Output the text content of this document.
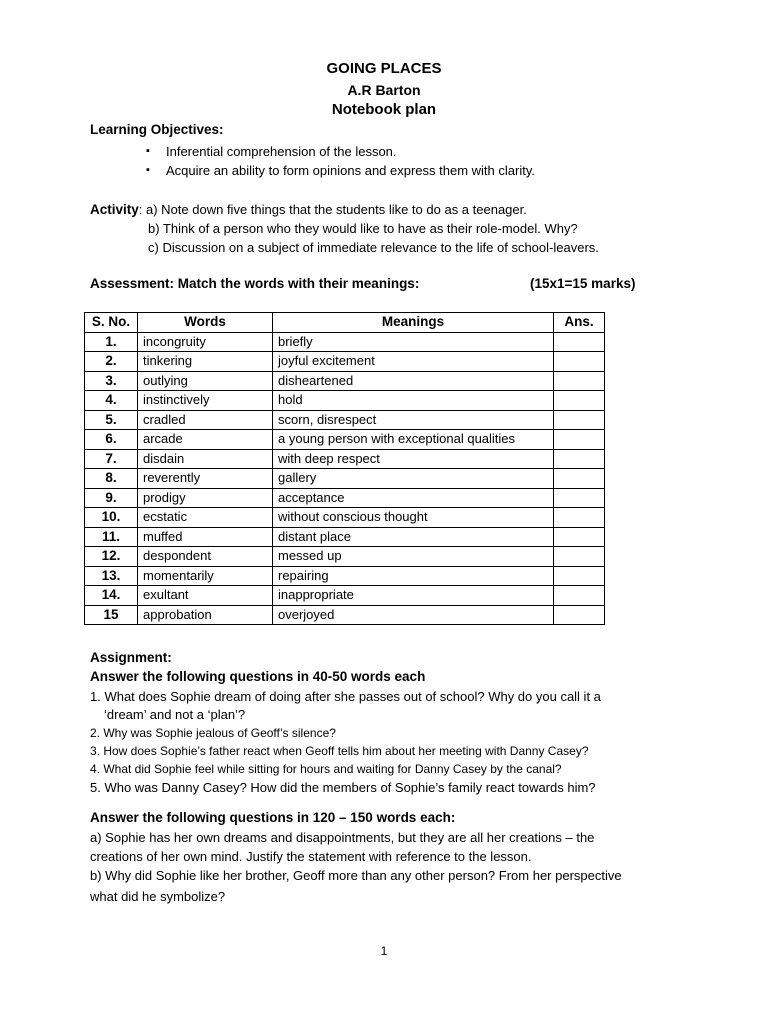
GOING PLACES
A.R Barton
Notebook plan
Learning Objectives:
▪ Inferential comprehension of the lesson.
▪ Acquire an ability to form opinions and express them with clarity.
Activity: a) Note down five things that the students like to do as a teenager.
b) Think of a person who they would like to have as their role-model. Why?
c) Discussion on a subject of immediate relevance to the life of school-leavers.
Assessment: Match the words with their meanings:	(15x1=15 marks)
S. No.	Words	Meanings	Ans.
1.	incongruity	briefly	
2.	tinkering	joyful excitement	
3.	outlying	disheartened	
4.	instinctively	hold	
5.	cradled	scorn, disrespect	
6.	arcade	a young person with exceptional qualities	
7.	disdain	with deep respect	
8.	reverently	gallery	
9.	prodigy	acceptance	
10.	ecstatic	without conscious thought	
11.	muffed	distant place	
12.	despondent	messed up	
13.	momentarily	repairing	
14.	exultant	inappropriate	
15	approbation	overjoyed	
Assignment:
Answer the following questions in 40-50 words each
1. What does Sophie dream of doing after she passes out of school? Why do you call it a
‘dream’ and not a ‘plan’?
2. Why was Sophie jealous of Geoff’s silence?
3. How does Sophie’s father react when Geoff tells him about her meeting with Danny Casey?
4. What did Sophie feel while sitting for hours and waiting for Danny Casey by the canal?
5. Who was Danny Casey? How did the members of Sophie’s family react towards him?
Answer the following questions in 120 – 150 words each:
a) Sophie has her own dreams and disappointments, but they are all her creations – the
creations of her own mind. Justify the statement with reference to the lesson.
b) Why did Sophie like her brother, Geoff more than any other person? From her perspective
what did he symbolize?
1
